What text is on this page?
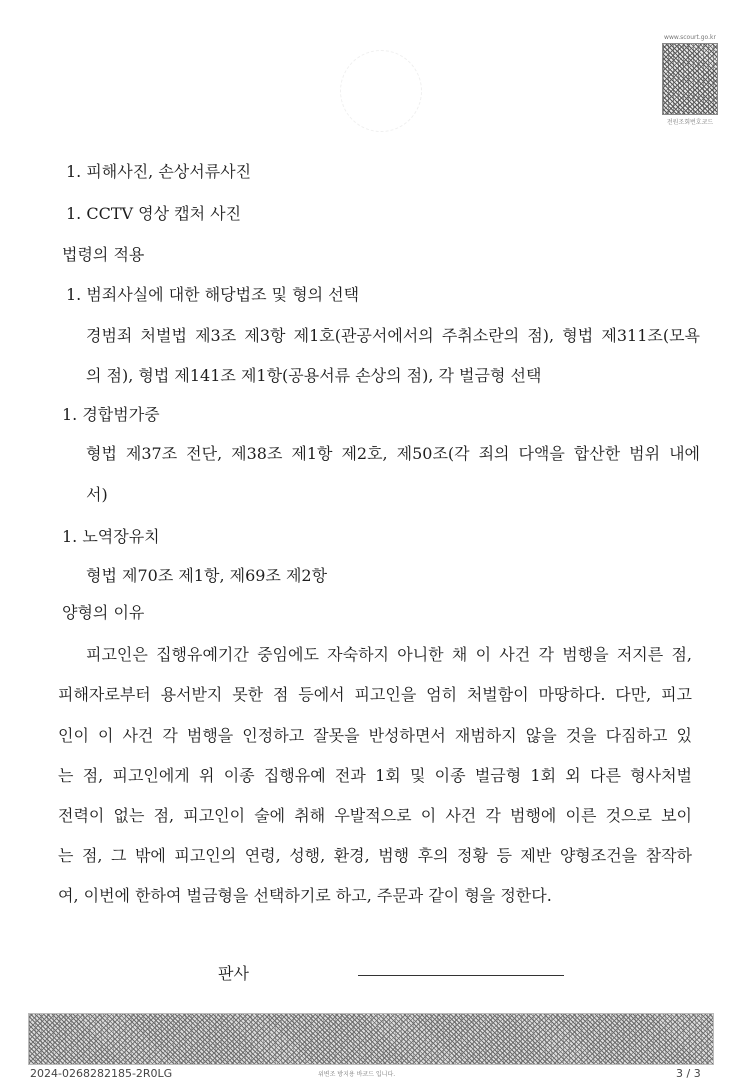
www.scourt.go.kr
전원조회번호코드
1. 피해사진, 손상서류사진
1. CCTV 영상 캡처 사진
법령의 적용
1. 범죄사실에 대한 해당법조 및 형의 선택
경범죄 처벌법 제3조 제3항 제1호(관공서에서의 주취소란의 점), 형법 제311조(모욕
의 점), 형법 제141조 제1항(공용서류 손상의 점), 각 벌금형 선택
1. 경합범가중
형법 제37조 전단, 제38조 제1항 제2호, 제50조(각 죄의 다액을 합산한 범위 내에
서)
1. 노역장유치
형법 제70조 제1항, 제69조 제2항
양형의 이유
피고인은 집행유예기간 중임에도 자숙하지 아니한 채 이 사건 각 범행을 저지른 점,
피해자로부터 용서받지 못한 점 등에서 피고인을 엄히 처벌함이 마땅하다. 다만, 피고
인이 이 사건 각 범행을 인정하고 잘못을 반성하면서 재범하지 않을 것을 다짐하고 있
는 점, 피고인에게 위 이종 집행유예 전과 1회 및 이종 벌금형 1회 외 다른 형사처벌
전력이 없는 점, 피고인이 술에 취해 우발적으로 이 사건 각 범행에 이른 것으로 보이
는 점, 그 밖에 피고인의 연령, 성행, 환경, 범행 후의 정황 등 제반 양형조건을 참작하
여, 이번에 한하여 벌금형을 선택하기로 하고, 주문과 같이 형을 정한다.
판사
2024-0268282185-2R0LG	위변조 방지용 바코드 입니다.	3 / 3
